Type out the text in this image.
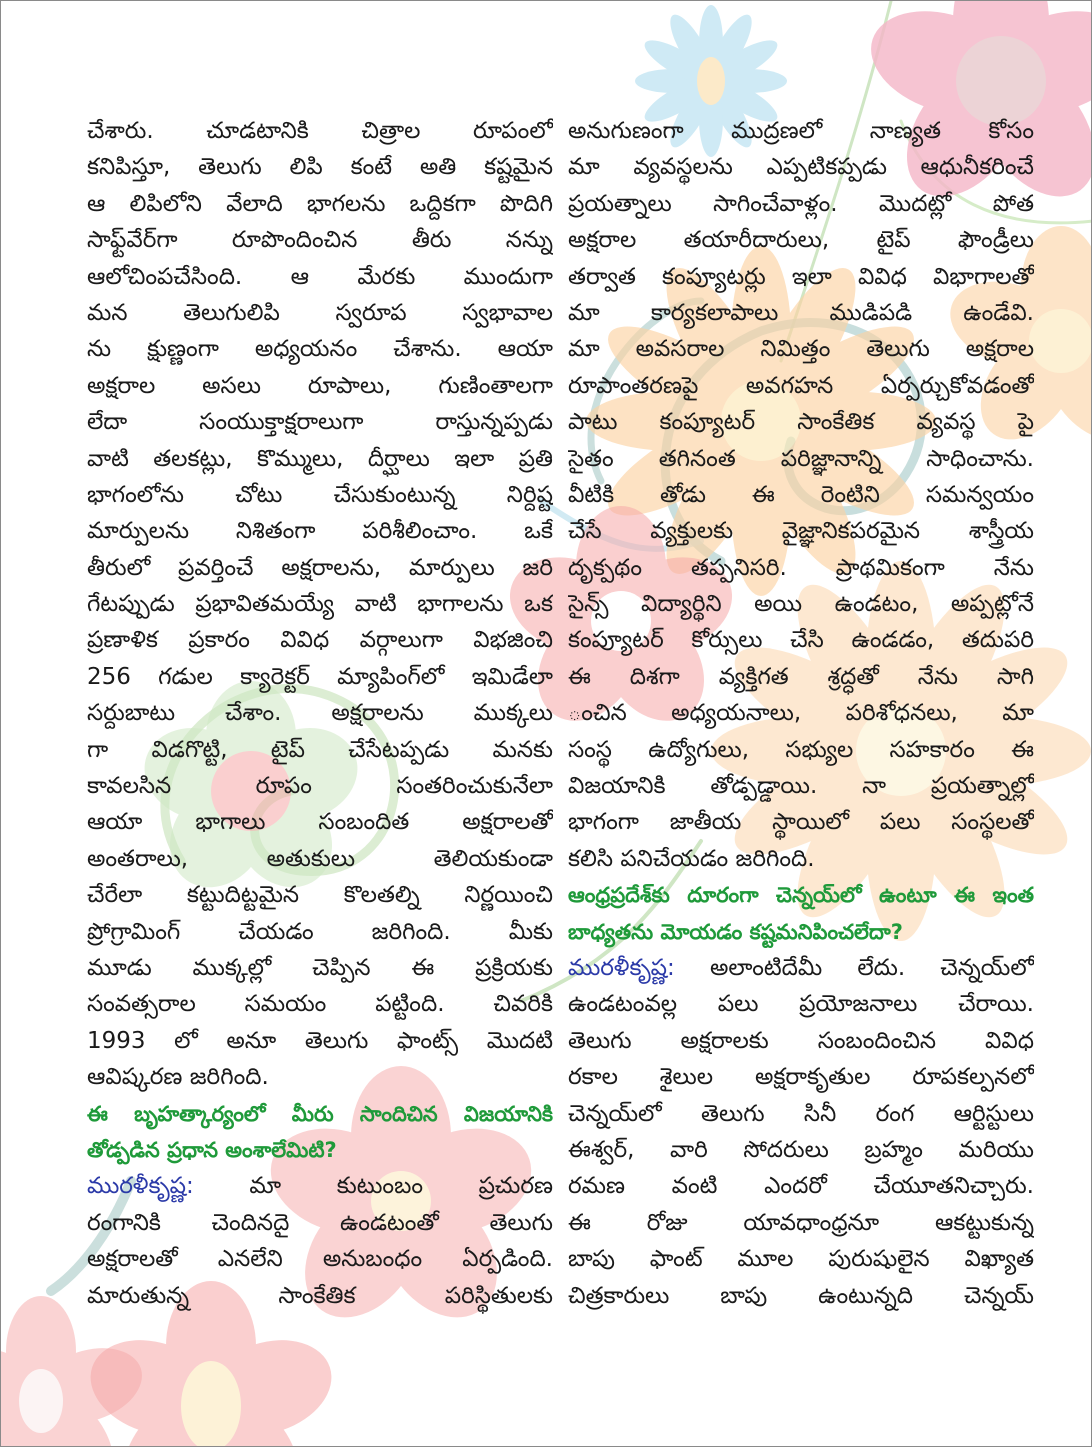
చేశారు. చూడటానికి చిత్రాల రూపంలో
కనిపిస్తూ, తెలుగు లిపి కంటే అతి కష్టమైన
ఆ లిపిలోని వేలాది భాగలను ఒద్దికగా పొదిగి
సాఫ్ట్‌వేర్‌గా రూపొందించిన తీరు నన్ను
ఆలోచింపచేసింది. ఆ మేరకు ముందుగా
మన తెలుగులిపి స్వరూప స్వభావాల
ను క్షుణ్ణంగా అధ్యయనం చేశాను. ఆయా
అక్షరాల అసలు రూపాలు, గుణింతాలగా
లేదా సంయుక్తాక్షరాలుగా రాస్తున్నప్పడు
వాటి తలకట్లు, కొమ్ములు, దీర్ఘాలు ఇలా ప్రతి
భాగంలోను చోటు చేసుకుంటున్న నిర్దిష్ట
మార్పులను నిశితంగా పరిశీలించాం. ఒకే
తీరులో ప్రవర్తించే అక్షరాలను, మార్పులు జరి
గేటప్పుడు ప్రభావితమయ్యే వాటి భాగాలను ఒక
ప్రణాళిక ప్రకారం వివిధ వర్గాలుగా విభజించి
256 గడుల క్యారెక్టర్ మ్యాపింగ్‌లో ఇమిడేలా
సర్దుబాటు చేశాం. అక్షరాలను ముక్కలు
గా విడగొట్టి, టైప్ చేసేటప్పడు మనకు
కావలసిన రూపం సంతరించుకునేలా
ఆయా భాగాలు సంబందిత అక్షరాలతో
అంతరాలు, అతుకులు తెలియకుండా
చేరేలా కట్టుదిట్టమైన కొలతల్ని నిర్ణయించి
ప్రోగ్రామింగ్ చేయడం జరిగింది. మీకు
మూడు ముక్కల్లో చెప్పిన ఈ ప్రక్రియకు
సంవత్సరాల సమయం పట్టింది. చివరికి
1993 లో అనూ తెలుగు ఫాంట్స్ మొదటి
ఆవిష్కరణ జరిగింది.
ఈ బృహత్కార్యంలో మీరు సాందిచిన విజయానికి
తోడ్పడిన ప్రధాన అంశాలేమిటి?
మురళీకృష్ణ: మా కుటుంబం ప్రచురణ
రంగానికి చెందినదై ఉండటంతో తెలుగు
అక్షరాలతో ఎనలేని అనుబంధం ఏర్పడింది.
మారుతున్న సాంకేతిక పరిస్థితులకు
అనుగుణంగా ముద్రణలో నాణ్యత కోసం
మా వ్యవస్థలను ఎప్పటికప్పడు ఆధునీకరించే
ప్రయత్నాలు సాగించేవాళ్లం. మొదట్లో పోత
అక్షరాల తయారీదారులు, టైప్ ఫౌండ్రీలు
తర్వాత కంప్యూటర్లు ఇలా వివిధ విభాగాలతో
మా కార్యకలాపాలు ముడిపడి ఉండేవి.
మా అవసరాల నిమిత్తం తెలుగు అక్షరాల
రూపాంతరణపై అవగహన ఏర్పర్చుకోవడంతో
పాటు కంప్యూటర్ సాంకేతిక వ్యవస్థ పై
సైతం తగినంత పరిజ్ఞానాన్ని సాధించాను.
వీటికి తోడు ఈ రెంటిని సమన్వయం
చేసే వ్యక్తులకు వైజ్ఞానికపరమైన శాస్త్రీయ
దృక్పథం తప్పనిసరి. ప్రాథమికంగా నేను
సైన్స్ విద్యార్థిని అయి ఉండటం, అప్పట్లోనే
కంప్యూటర్ కోర్సులు చేసి ఉండడం, తదుపరి
ఈ దిశగా వ్యక్తిగత శ్రద్ధతో నేను సాగి
ంచిన అధ్యయనాలు, పరిశోధనలు, మా
సంస్థ ఉద్యోగులు, సభ్యుల సహకారం ఈ
విజయానికి తోడ్పడ్డాయి. నా ప్రయత్నాల్లో
భాగంగా జాతీయ స్థాయిలో పలు సంస్థలతో
కలిసి పనిచేయడం జరిగింది.
ఆంధ్రప్రదేశ్‌కు దూరంగా చెన్నయ్‌లో ఉంటూ ఈ ఇంత
బాధ్యతను మోయడం కష్టమనిపించలేదా?
మురళీకృష్ణ: అలాంటిదేమీ లేదు. చెన్నయ్‌లో
ఉండటంవల్ల పలు ప్రయోజనాలు చేరాయి.
తెలుగు అక్షరాలకు సంబందించిన వివిధ
రకాల శైలుల అక్షరాకృతుల రూపకల్పనలో
చెన్నయ్‌లో తెలుగు సినీ రంగ ఆర్టిస్టులు
ఈశ్వర్, వారి సోదరులు బ్రహ్మం మరియు
రమణ వంటి ఎందరో చేయూతనిచ్చారు.
ఈ రోజు యావధాంధ్రనూ ఆకట్టుకున్న
బాపు ఫాంట్ మూల పురుషులైన విఖ్యాత
చిత్రకారులు బాపు ఉంటున్నది చెన్నయ్
